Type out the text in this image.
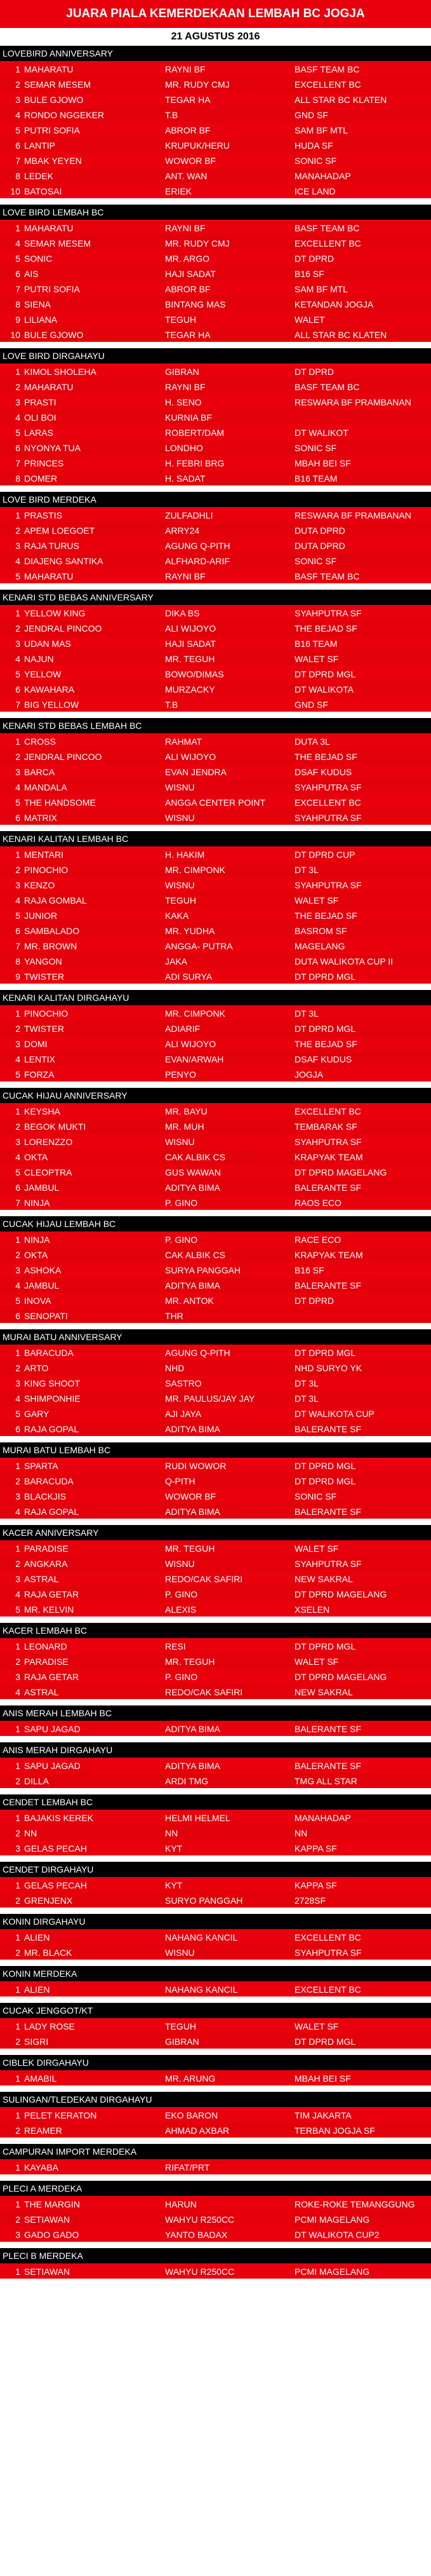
JUARA PIALA KEMERDEKAAN LEMBAH BC JOGJA
21 AGUSTUS 2016
LOVEBIRD ANNIVERSARY
1 MAHARATU	RAYNI BF	BASF TEAM BC
2 SEMAR MESEM	MR. RUDY CMJ	EXCELLENT BC
3 BULE GJOWO	TEGAR HA	ALL STAR BC KLATEN
4 RONDO NGGEKER	T.B	GND SF
5 PUTRI SOFIA	ABROR BF	SAM BF MTL
6 LANTIP	KRUPUK/HERU	HUDA SF
7 MBAK YEYEN	WOWOR BF	SONIC SF
8 LEDEK	ANT. WAN	MANAHADAP
10 BATOSAI	ERIEK	ICE LAND
LOVE BIRD LEMBAH BC
1 MAHARATU	RAYNI BF	BASF TEAM BC
4 SEMAR MESEM	MR. RUDY CMJ	EXCELLENT BC
5 SONIC	MR. ARGO	DT DPRD
6 AIS	HAJI SADAT	B16 SF
7 PUTRI SOFIA	ABROR BF	SAM BF MTL
8 SIENA	BINTANG MAS	KETANDAN JOGJA
9 LILIANA	TEGUH	WALET
10 BULE GJOWO	TEGAR HA	ALL STAR BC KLATEN
LOVE BIRD DIRGAHAYU
1 KIMOL SHOLEHA	GIBRAN	DT DPRD
2 MAHARATU	RAYNI BF	BASF TEAM BC
3 PRASTI	H. SENO	RESWARA BF PRAMBANAN
4 OLI BOI	KURNIA BF
5 LARAS	ROBERT/DAM	DT WALIKOT
6 NYONYA TUA	LONDHO	SONIC SF
7 PRINCES	H. FEBRI BRG	MBAH BEI SF
8 DOMER	H. SADAT	B16 TEAM
LOVE BIRD MERDEKA
1 PRASTIS	ZULFADHLI	RESWARA BF PRAMBANAN
2 APEM LOEGOET	ARRY24	DUTA DPRD
3 RAJA TURUS	AGUNG Q-PITH	DUTA DPRD
4 DIAJENG SANTIKA	ALFHARD-ARIF	SONIC SF
5 MAHARATU	RAYNI BF	BASF TEAM BC
KENARI STD BEBAS ANNIVERSARY
1 YELLOW KING	DIKA BS	SYAHPUTRA SF
2 JENDRAL PINCOO	ALI WIJOYO	THE BEJAD SF
3 UDAN MAS	HAJI SADAT	B16 TEAM
4 NAJUN	MR. TEGUH	WALET SF
5 YELLOW	BOWO/DIMAS	DT DPRD MGL
6 KAWAHARA	MURZACKY	DT WALIKOTA
7 BIG YELLOW	T.B	GND SF
KENARI STD BEBAS LEMBAH BC
1 CROSS	RAHMAT	DUTA 3L
2 JENDRAL PINCOO	ALI WIJOYO	THE BEJAD SF
3 BARCA	EVAN JENDRA	DSAF KUDUS
4 MANDALA	WISNU	SYAHPUTRA SF
5 THE HANDSOME	ANGGA CENTER POINT	EXCELLENT BC
6 MATRIX	WISNU	SYAHPUTRA SF
KENARI KALITAN LEMBAH BC
1 MENTARI	H. HAKIM	DT DPRD CUP
2 PINOCHIO	MR. CIMPONK	DT 3L
3 KENZO	WISNU	SYAHPUTRA SF
4 RAJA GOMBAL	TEGUH	WALET SF
5 JUNIOR	KAKA	THE BEJAD SF
6 SAMBALADO	MR. YUDHA	BASROM SF
7 MR. BROWN	ANGGA- PUTRA	MAGELANG
8 YANGON	JAKA	DUTA WALIKOTA CUP II
9 TWISTER	ADI SURYA	DT DPRD MGL
KENARI KALITAN DIRGAHAYU
1 PINOCHIO	MR. CIMPONK	DT 3L
2 TWISTER	ADIARIF	DT DPRD MGL
3 DOMI	ALI WIJOYO	THE BEJAD SF
4 LENTIX	EVAN/ARWAH	DSAF KUDUS
5 FORZA	PENYO	JOGJA
CUCAK HIJAU ANNIVERSARY
1 KEYSHA	MR. BAYU	EXCELLENT BC
2 BEGOK MUKTI	MR. MUH	TEMBARAK SF
3 LORENZZO	WISNU	SYAHPUTRA SF
4 OKTA	CAK ALBIK CS	KRAPYAK TEAM
5 CLEOPTRA	GUS WAWAN	DT DPRD MAGELANG
6 JAMBUL	ADITYA BIMA	BALERANTE SF
7 NINJA	P. GINO	RAOS ECO
CUCAK HIJAU LEMBAH BC
1 NINJA	P. GINO	RACE ECO
2 OKTA	CAK ALBIK CS	KRAPYAK TEAM
3 ASHOKA	SURYA PANGGAH	B16 SF
4 JAMBUL	ADITYA BIMA	BALERANTE SF
5 INOVA	MR. ANTOK	DT DPRD
6 SENOPATI	THR
MURAI BATU ANNIVERSARY
1 BARACUDA	AGUNG Q-PITH	DT DPRD MGL
2 ARTO	NHD	NHD SURYO YK
3 KING SHOOT	SASTRO	DT 3L
4 SHIMPONHIE	MR. PAULUS/JAY JAY	DT 3L
5 GARY	AJI JAYA	DT WALIKOTA CUP
6 RAJA GOPAL	ADITYA BIMA	BALERANTE SF
MURAI BATU LEMBAH BC
1 SPARTA	RUDI WOWOR	DT DPRD MGL
2 BARACUDA	Q-PITH	DT DPRD MGL
3 BLACKJIS	WOWOR BF	SONIC SF
4 RAJA GOPAL	ADITYA BIMA	BALERANTE SF
KACER ANNIVERSARY
1 PARADISE	MR. TEGUH	WALET SF
2 ANGKARA	WISNU	SYAHPUTRA SF
3 ASTRAL	REDO/CAK SAFIRI	NEW SAKRAL
4 RAJA GETAR	P. GINO	DT DPRD MAGELANG
5 MR. KELVIN	ALEXIS	XSELEN
KACER LEMBAH BC
1 LEONARD	RESI	DT DPRD MGL
2 PARADISE	MR. TEGUH	WALET SF
3 RAJA GETAR	P. GINO	DT DPRD MAGELANG
4 ASTRAL	REDO/CAK SAFIRI	NEW SAKRAL
ANIS MERAH LEMBAH BC
1 SAPU JAGAD	ADITYA BIMA	BALERANTE SF
ANIS MERAH DIRGAHAYU
1 SAPU JAGAD	ADITYA BIMA	BALERANTE SF
2 DILLA	ARDI TMG	TMG ALL STAR
CENDET LEMBAH BC
1 BAJAKIS KEREK	HELMI HELMEL	MANAHADAP
2 NN	NN	NN
3 GELAS PECAH	KYT	KAPPA SF
CENDET DIRGAHAYU
1 GELAS PECAH	KYT	KAPPA SF
2 GRENJENX	SURYO PANGGAH	2728SF
KONIN DIRGAHAYU
1 ALIEN	NAHANG KANCIL	EXCELLENT BC
2 MR. BLACK	WISNU	SYAHPUTRA SF
KONIN MERDEKA
1 ALIEN	NAHANG KANCIL	EXCELLENT BC
CUCAK JENGGOT/KT
1 LADY ROSE	TEGUH	WALET SF
2 SIGRI	GIBRAN	DT DPRD MGL
CIBLEK DIRGAHAYU
1 AMABIL	MR. ARUNG	MBAH BEI SF
SULINGAN/TLEDEKAN DIRGAHAYU
1 PELET KERATON	EKO BARON	TIM JAKARTA
2 REAMER	AHMAD AXBAR	TERBAN JOGJA SF
CAMPURAN IMPORT MERDEKA
1 KAYABA	RIFAT/PRT
PLECI A MERDEKA
1 THE MARGIN	HARUN	ROKE-ROKE TEMANGGUNG
2 SETIAWAN	WAHYU R250CC	PCMI MAGELANG
3 GADO GADO	YANTO BADAX	DT WALIKOTA CUP2
PLECI B MERDEKA
1 SETIAWAN	WAHYU R250CC	PCMI MAGELANG
